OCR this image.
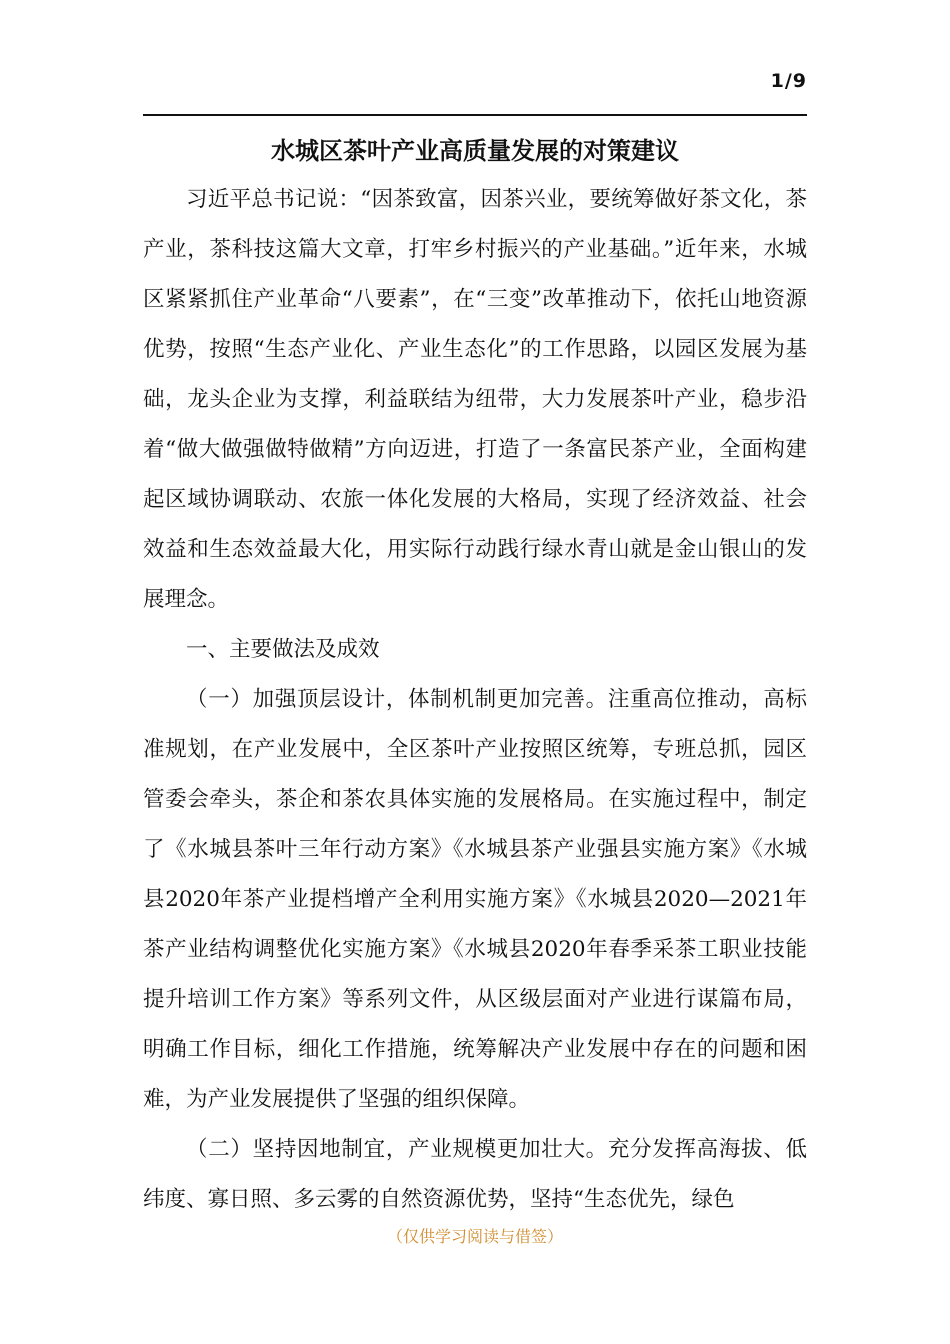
1/9
水城区茶叶产业高质量发展的对策建议

习近平总书记说：“因茶致富，因茶兴业，要统筹做好茶文化，茶产业，茶科技这篇大文章，打牢乡村振兴的产业基础。”近年来，水城区紧紧抓住产业革命“八要素”，在“三变”改革推动下，依托山地资源优势，按照“生态产业化、产业生态化”的工作思路，以园区发展为基础，龙头企业为支撑，利益联结为纽带，大力发展茶叶产业，稳步沿着“做大做强做特做精”方向迈进，打造了一条富民茶产业，全面构建起区域协调联动、农旅一体化发展的大格局，实现了经济效益、社会效益和生态效益最大化，用实际行动践行绿水青山就是金山银山的发展理念。

一、主要做法及成效

（一）加强顶层设计，体制机制更加完善。注重高位推动，高标准规划，在产业发展中，全区茶叶产业按照区统筹，专班总抓，园区管委会牵头，茶企和茶农具体实施的发展格局。在实施过程中，制定了《水城县茶叶三年行动方案》《水城县茶产业强县实施方案》《水城县2020年茶产业提档增产全利用实施方案》《水城县2020—2021年茶产业结构调整优化实施方案》《水城县2020年春季采茶工职业技能提升培训工作方案》等系列文件，从区级层面对产业进行谋篇布局，明确工作目标，细化工作措施，统筹解决产业发展中存在的问题和困难，为产业发展提供了坚强的组织保障。

（二）坚持因地制宜，产业规模更加壮大。充分发挥高海拔、低纬度、寡日照、多云雾的自然资源优势，坚持“生态优先，绿色

（仅供学习阅读与借签）
